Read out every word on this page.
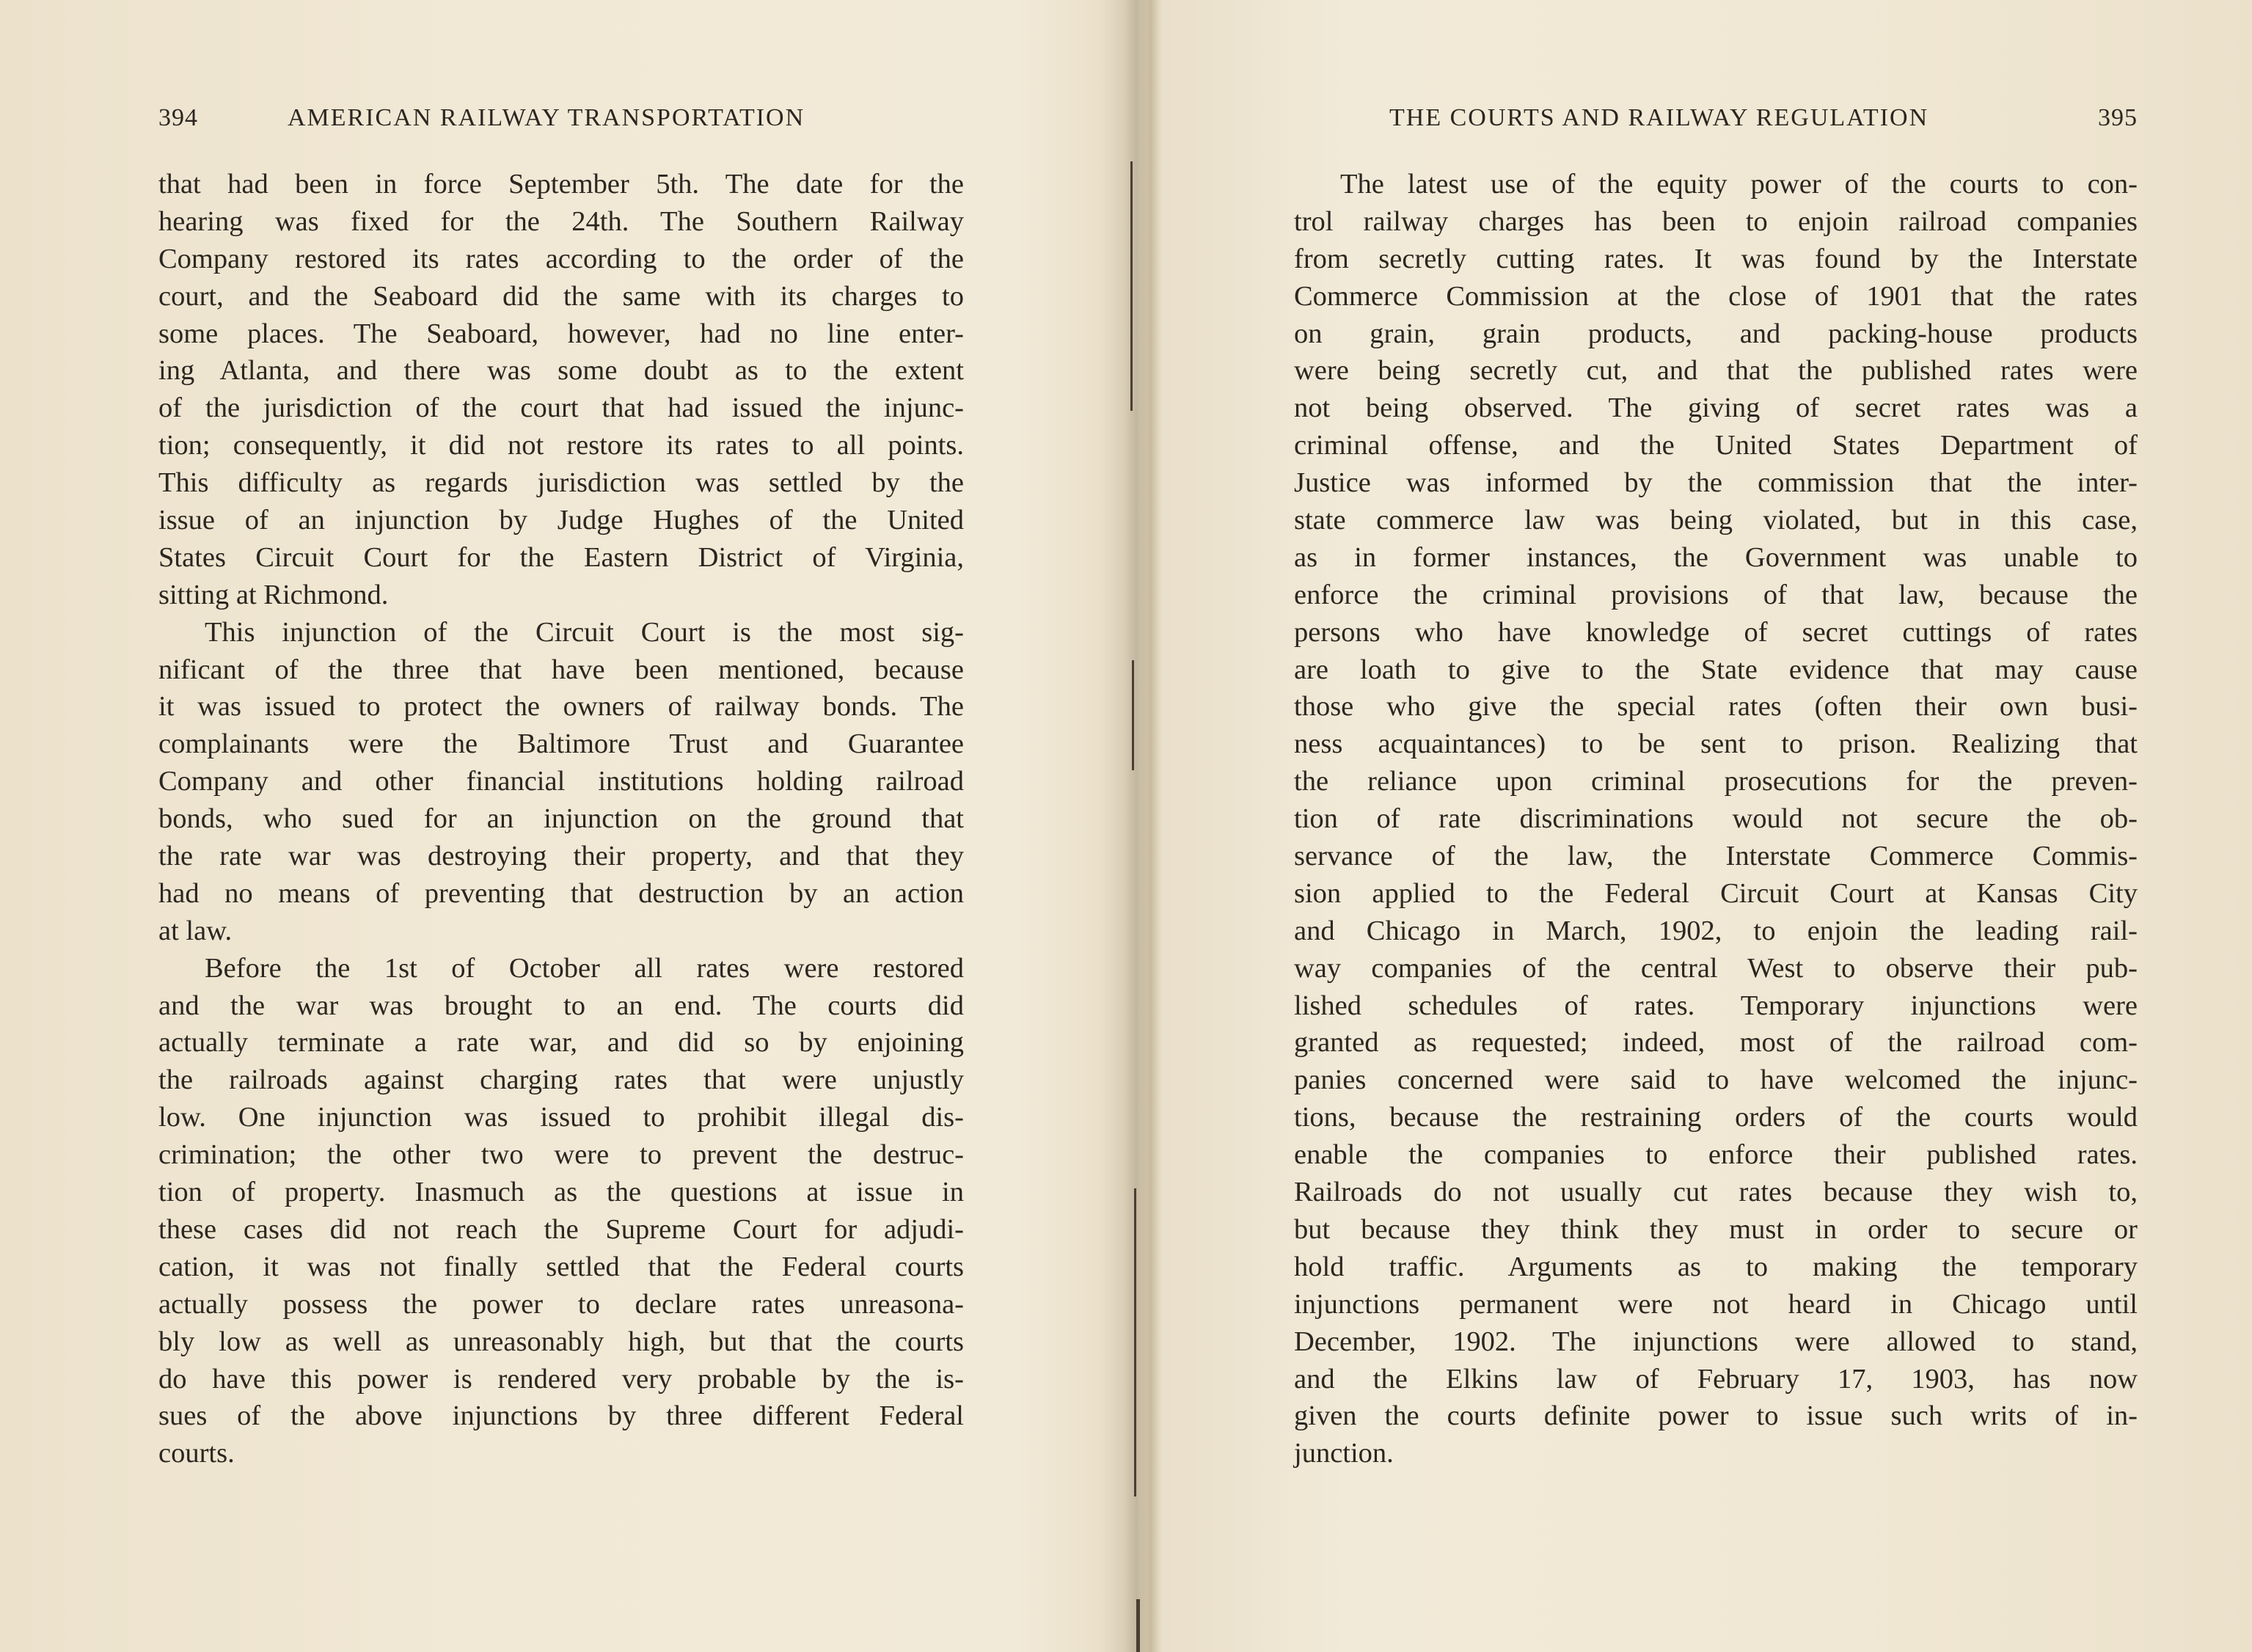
394	AMERICAN RAILWAY TRANSPORTATION
that had been in force September 5th. The date for the
hearing was fixed for the 24th. The Southern Railway
Company restored its rates according to the order of the
court, and the Seaboard did the same with its charges to
some places. The Seaboard, however, had no line enter-
ing Atlanta, and there was some doubt as to the extent
of the jurisdiction of the court that had issued the injunc-
tion; consequently, it did not restore its rates to all points.
This difficulty as regards jurisdiction was settled by the
issue of an injunction by Judge Hughes of the United
States Circuit Court for the Eastern District of Virginia,
sitting at Richmond.
This injunction of the Circuit Court is the most sig-
nificant of the three that have been mentioned, because
it was issued to protect the owners of railway bonds. The
complainants were the Baltimore Trust and Guarantee
Company and other financial institutions holding railroad
bonds, who sued for an injunction on the ground that
the rate war was destroying their property, and that they
had no means of preventing that destruction by an action
at law.
Before the 1st of October all rates were restored
and the war was brought to an end. The courts did
actually terminate a rate war, and did so by enjoining
the railroads against charging rates that were unjustly
low. One injunction was issued to prohibit illegal dis-
crimination; the other two were to prevent the destruc-
tion of property. Inasmuch as the questions at issue in
these cases did not reach the Supreme Court for adjudi-
cation, it was not finally settled that the Federal courts
actually possess the power to declare rates unreasona-
bly low as well as unreasonably high, but that the courts
do have this power is rendered very probable by the is-
sues of the above injunctions by three different Federal
courts.
THE COURTS AND RAILWAY REGULATION	395
The latest use of the equity power of the courts to con-
trol railway charges has been to enjoin railroad companies
from secretly cutting rates. It was found by the Interstate
Commerce Commission at the close of 1901 that the rates
on grain, grain products, and packing-house products
were being secretly cut, and that the published rates were
not being observed. The giving of secret rates was a
criminal offense, and the United States Department of
Justice was informed by the commission that the inter-
state commerce law was being violated, but in this case,
as in former instances, the Government was unable to
enforce the criminal provisions of that law, because the
persons who have knowledge of secret cuttings of rates
are loath to give to the State evidence that may cause
those who give the special rates (often their own busi-
ness acquaintances) to be sent to prison. Realizing that
the reliance upon criminal prosecutions for the preven-
tion of rate discriminations would not secure the ob-
servance of the law, the Interstate Commerce Commis-
sion applied to the Federal Circuit Court at Kansas City
and Chicago in March, 1902, to enjoin the leading rail-
way companies of the central West to observe their pub-
lished schedules of rates. Temporary injunctions were
granted as requested; indeed, most of the railroad com-
panies concerned were said to have welcomed the injunc-
tions, because the restraining orders of the courts would
enable the companies to enforce their published rates.
Railroads do not usually cut rates because they wish to,
but because they think they must in order to secure or
hold traffic. Arguments as to making the temporary
injunctions permanent were not heard in Chicago until
December, 1902. The injunctions were allowed to stand,
and the Elkins law of February 17, 1903, has now
given the courts definite power to issue such writs of in-
junction.
